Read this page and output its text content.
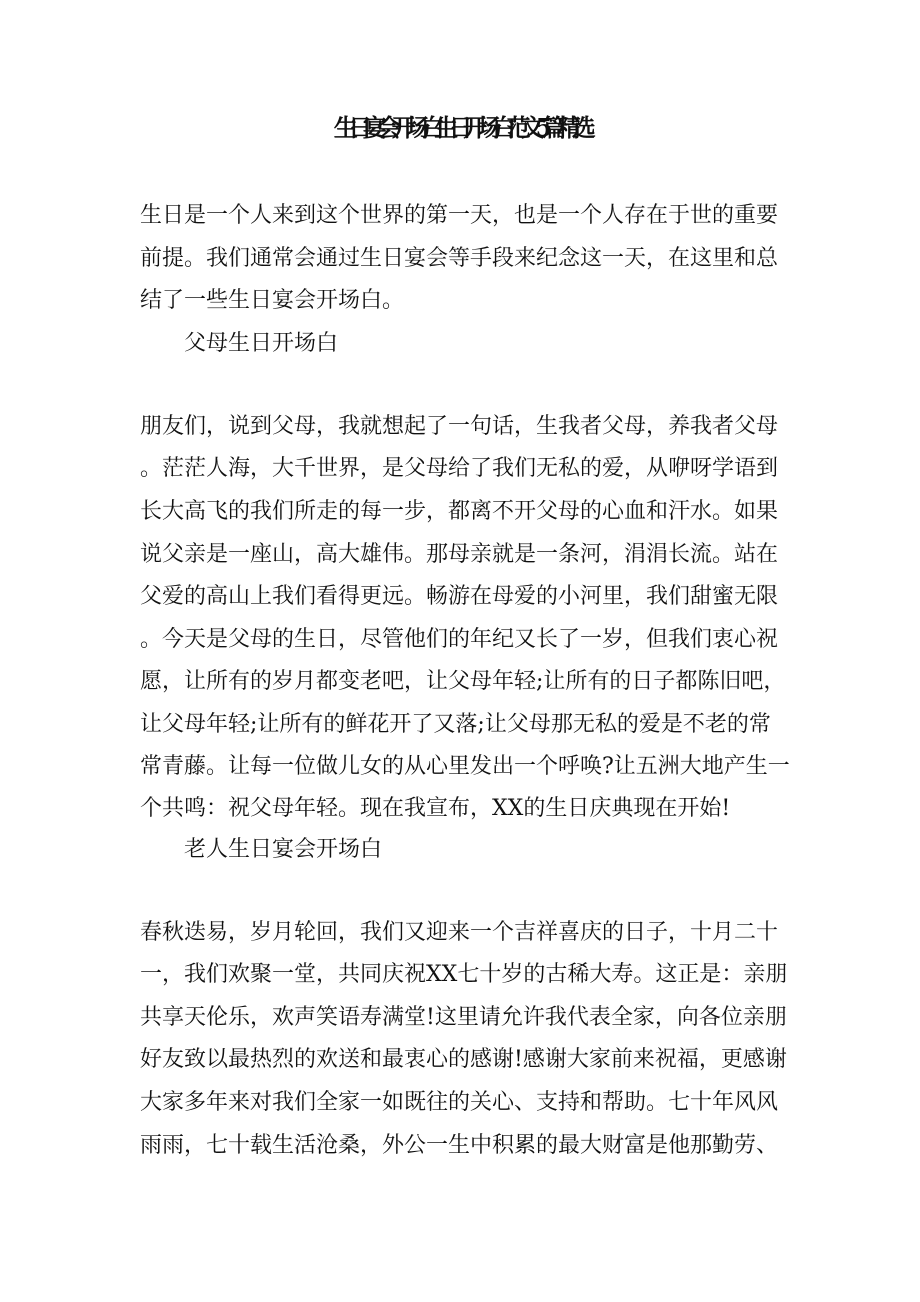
生日宴会开场白 生日开场白范文5篇精选
生日是一个人来到这个世界的第一天，也是一个人存在于世的重要
前提。我们通常会通过生日宴会等手段来纪念这一天，在这里和总
结了一些生日宴会开场白。
父母生日开场白
朋友们，说到父母，我就想起了一句话，生我者父母，养我者父母
。茫茫人海，大千世界，是父母给了我们无私的爱，从咿呀学语到
长大高飞的我们所走的每一步，都离不开父母的心血和汗水。如果
说父亲是一座山，高大雄伟。那母亲就是一条河，涓涓长流。站在
父爱的高山上我们看得更远。畅游在母爱的小河里，我们甜蜜无限
。今天是父母的生日，尽管他们的年纪又长了一岁，但我们衷心祝
愿，让所有的岁月都变老吧，让父母年轻;让所有的日子都陈旧吧，
让父母年轻;让所有的鲜花开了又落;让父母那无私的爱是不老的常
常青藤。让每一位做儿女的从心里发出一个呼唤?让五洲大地产生一
个共鸣：祝父母年轻。现在我宣布，XX的生日庆典现在开始!
老人生日宴会开场白
春秋迭易，岁月轮回，我们又迎来一个吉祥喜庆的日子，十月二十
一，我们欢聚一堂，共同庆祝XX七十岁的古稀大寿。这正是：亲朋
共享天伦乐，欢声笑语寿满堂!这里请允许我代表全家，向各位亲朋
好友致以最热烈的欢送和最衷心的感谢!感谢大家前来祝福，更感谢
大家多年来对我们全家一如既往的关心、支持和帮助。七十年风风
雨雨，七十载生活沧桑，外公一生中积累的最大财富是他那勤劳、
